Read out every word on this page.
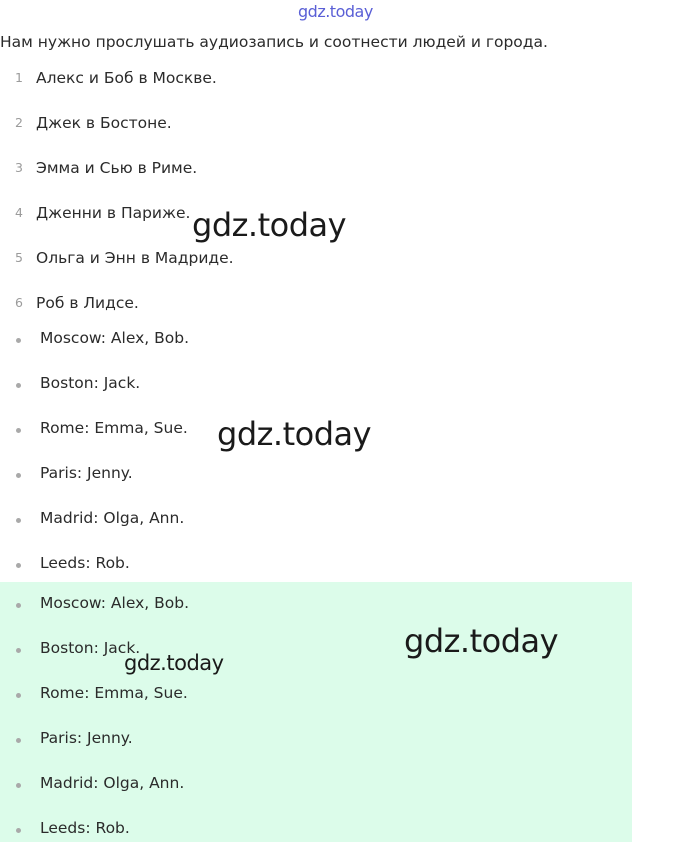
gdz.today
Нам нужно прослушать аудиозапись и соотнести людей и города.
1 Алекс и Боб в Москве.
2 Джек в Бостоне.
3 Эмма и Сью в Риме.
4 Дженни в Париже.
5 Ольга и Энн в Мадриде.
6 Роб в Лидсе.
Moscow: Alex, Bob.
Boston: Jack.
Rome: Emma, Sue.
Paris: Jenny.
Madrid: Olga, Ann.
Leeds: Rob.
Moscow: Alex, Bob.
Boston: Jack.
Rome: Emma, Sue.
Paris: Jenny.
Madrid: Olga, Ann.
Leeds: Rob.
gdz.today
gdz.today
gdz.today
gdz.today
